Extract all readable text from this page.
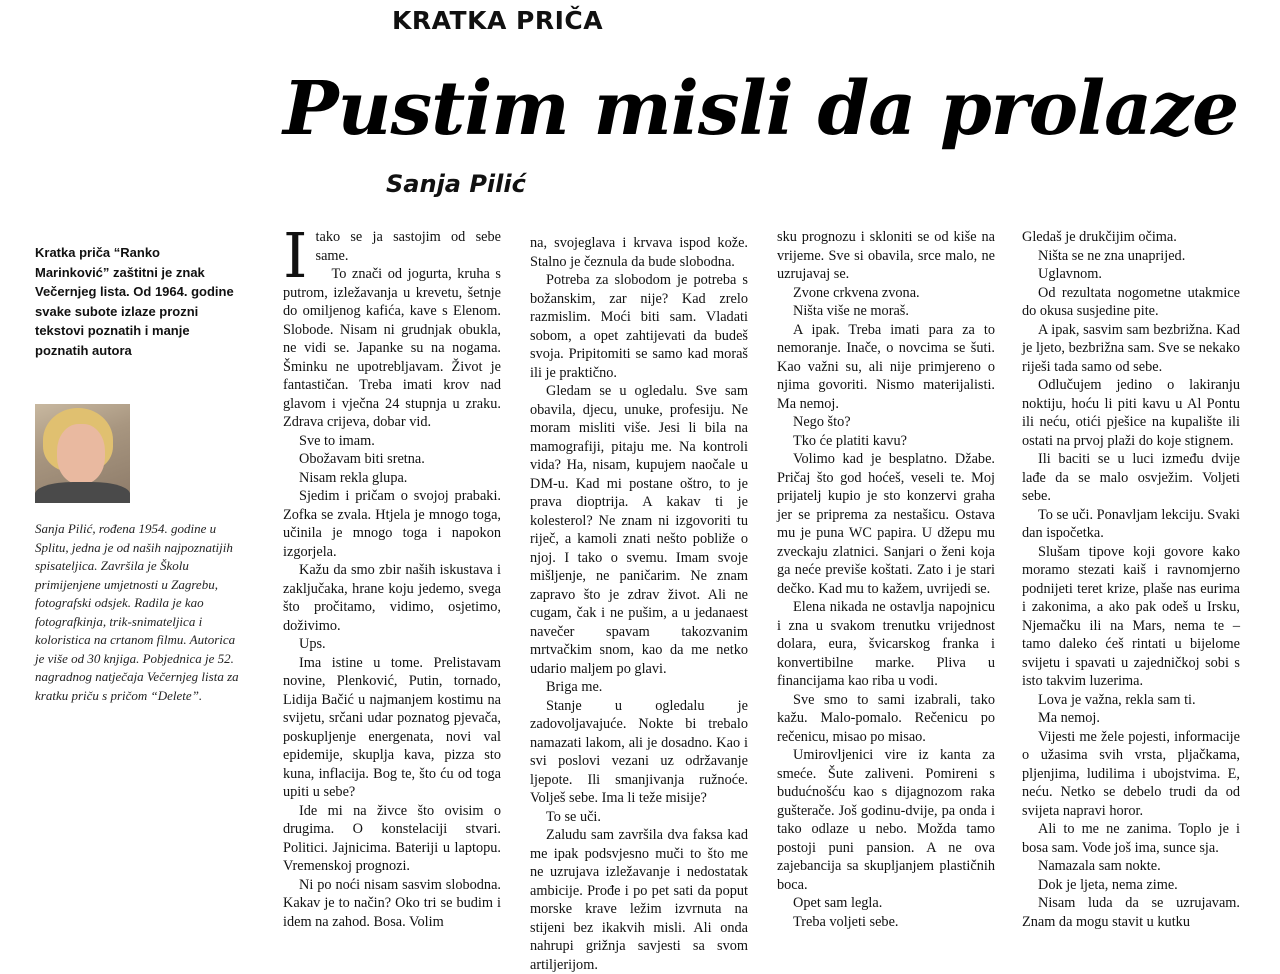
KRATKA PRIČA
Pustim misli da prolaze
Sanja Pilić
Kratka priča “Ranko Marinković” zaštitni je znak Večernjeg lista. Od 1964. godine svake subote izlaze prozni tekstovi poznatih i manje poznatih autora
Sanja Pilić, rođena 1954. godine u Splitu, jedna je od naših najpoznatijih spisateljica. Završila je Školu primijenjene umjetnosti u Zagrebu, fotografski odsjek. Radila je kao fotografkinja, trik-snimateljica i koloristica na crtanom filmu. Autorica je više od 30 knjiga. Pobjednica je 52. nagradnog natječaja Večernjeg lista za kratku priču s pričom “Delete”.
I tako se ja sastojim od sebe same.

To znači od jogurta, kruha s putrom, izležavanja u krevetu, šetnje do omiljenog kafića, kave s Elenom. Slobode. Nisam ni grudnjak obukla, ne vidi se. Japanke su na nogama. Šminku ne upotrebljavam. Život je fantastičan. Treba imati krov nad glavom i vječna 24 stupnja u zraku. Zdrava crijeva, dobar vid.

Sve to imam.

Obožavam biti sretna.

Nisam rekla glupa.

Sjedim i pričam o svojoj prabaki. Zofka se zvala. Htjela je mnogo toga, učinila je mnogo toga i napokon izgorjela.

Kažu da smo zbir naših iskustava i zaključaka, hrane koju jedemo, svega što pročitamo, vidimo, osjetimo, doživimo.

Ups.

Ima istine u tome. Prelistavam novine, Plenković, Putin, tornado, Lidija Bačić u najmanjem kostimu na svijetu, srčani udar poznatog pjevača, poskupljenje energenata, novi val epidemije, skuplja kava, pizza sto kuna, inflacija. Bog te, što ću od toga upiti u sebe?

Ide mi na živce što ovisim o drugima. O konstelaciji stvari. Politici. Jajnicima. Bateriji u laptopu. Vremenskoj prognozi.

Ni po noći nisam sasvim slobodna. Kakav je to način? Oko tri se budim i idem na zahod. Bosa. Volim

na, svojeglava i krvava ispod kože. Stalno je čeznula da bude slobodna.

Potreba za slobodom je potreba s božanskim, zar nije? Kad zrelo razmislim. Moći biti sam. Vladati sobom, a opet zahtijevati da budeš svoja. Pripitomiti se samo kad moraš ili je praktično.

Gledam se u ogledalu. Sve sam obavila, djecu, unuke, profesiju. Ne moram misliti više. Jesi li bila na mamografiji, pitaju me. Na kontroli vida? Ha, nisam, kupujem naočale u DM-u. Kad mi postane oštro, to je prava dioptrija. A kakav ti je kolesterol? Ne znam ni izgovoriti tu riječ, a kamoli znati nešto pobliže o njoj. I tako o svemu. Imam svoje mišljenje, ne paničarim. Ne znam zapravo što je zdrav život. Ali ne cugam, čak i ne pušim, a u jedanaest navečer spavam takozvanim mrtvačkim snom, kao da me netko udario maljem po glavi.

Briga me.

Stanje u ogledalu je zadovoljavajuće. Nokte bi trebalo namazati lakom, ali je dosadno. Kao i svi poslovi vezani uz održavanje ljepote. Ili smanjivanja ružnoće. Volješ sebe. Ima li teže misije?

To se uči.

Zaludu sam završila dva faksa kad me ipak podsvjesno muči to što me ne uzrujava izležavanje i nedostatak ambicije. Prođe i po pet sati da poput morske krave ležim izvrnuta na stijeni bez ikakvih misli. Ali onda nahrupi grižnja savjesti sa svom artiljerijom.

sku prognozu i skloniti se od kiše na vrijeme. Sve si obavila, srce malo, ne uzrujavaj se.

Zvone crkvena zvona.

Ništa više ne moraš.

A ipak. Treba imati para za to nemoranje. Inače, o novcima se šuti. Kao važni su, ali nije primjereno o njima govoriti. Nismo materijalisti. Ma nemoj.

Nego što?

Tko će platiti kavu?

Volimo kad je besplatno. Džabe. Pričaj što god hoćeš, veseli te. Moj prijatelj kupio je sto konzervi graha jer se priprema za nestašicu. Ostava mu je puna WC papira. U džepu mu zveckaju zlatnici. Sanjari o ženi koja ga neće previše koštati. Zato i je stari dečko. Kad mu to kažem, uvrijedi se.

Elena nikada ne ostavlja napojnicu i zna u svakom trenutku vrijednost dolara, eura, švicarskog franka i konvertibilne marke. Pliva u financijama kao riba u vodi.

Sve smo to sami izabrali, tako kažu. Malo-pomalo. Rečenicu po rečenicu, misao po misao.

Umirovljenici vire iz kanta za smeće. Šute zaliveni. Pomireni s budućnošću kao s dijagnozom raka gušterače. Još godinu-dvije, pa onda i tako odlaze u nebo. Možda tamo postoji puni pansion. A ne ova zajebancija sa skupljanjem plastičnih boca.

Opet sam legla.

Treba voljeti sebe.

Gledaš je drukčijim očima.

Ništa se ne zna unaprijed.

Uglavnom.

Od rezultata nogometne utakmice do okusa susjedine pite.

A ipak, sasvim sam bezbrižna. Kad je ljeto, bezbrižna sam. Sve se nekako riješi tada samo od sebe.

Odlučujem jedino o lakiranju noktiju, hoću li piti kavu u Al Pontu ili neću, otići pješice na kupalište ili ostati na prvoj plaži do koje stignem.

Ili baciti se u luci između dvije lađe da se malo osvježim. Voljeti sebe.

To se uči. Ponavljam lekciju. Svaki dan ispočetka.

Slušam tipove koji govore kako moramo stezati kaiš i ravnomjerno podnijeti teret krize, plaše nas eurima i zakonima, a ako pak odeš u Irsku, Njemačku ili na Mars, nema te – tamo daleko ćeš rintati u bijelome svijetu i spavati u zajedničkoj sobi s isto takvim luzerima.

Lova je važna, rekla sam ti.

Ma nemoj.

Vijesti me žele pojesti, informacije o užasima svih vrsta, pljačkama, pljenjima, ludilima i ubojstvima. E, neću. Netko se debelo trudi da od svijeta napravi horor.

Ali to me ne zanima. Toplo je i bosa sam. Vode još ima, sunce sja.

Namazala sam nokte.

Dok je ljeta, nema zime.

Nisam luda da se uzrujavam. Znam da mogu stavit u kutku
